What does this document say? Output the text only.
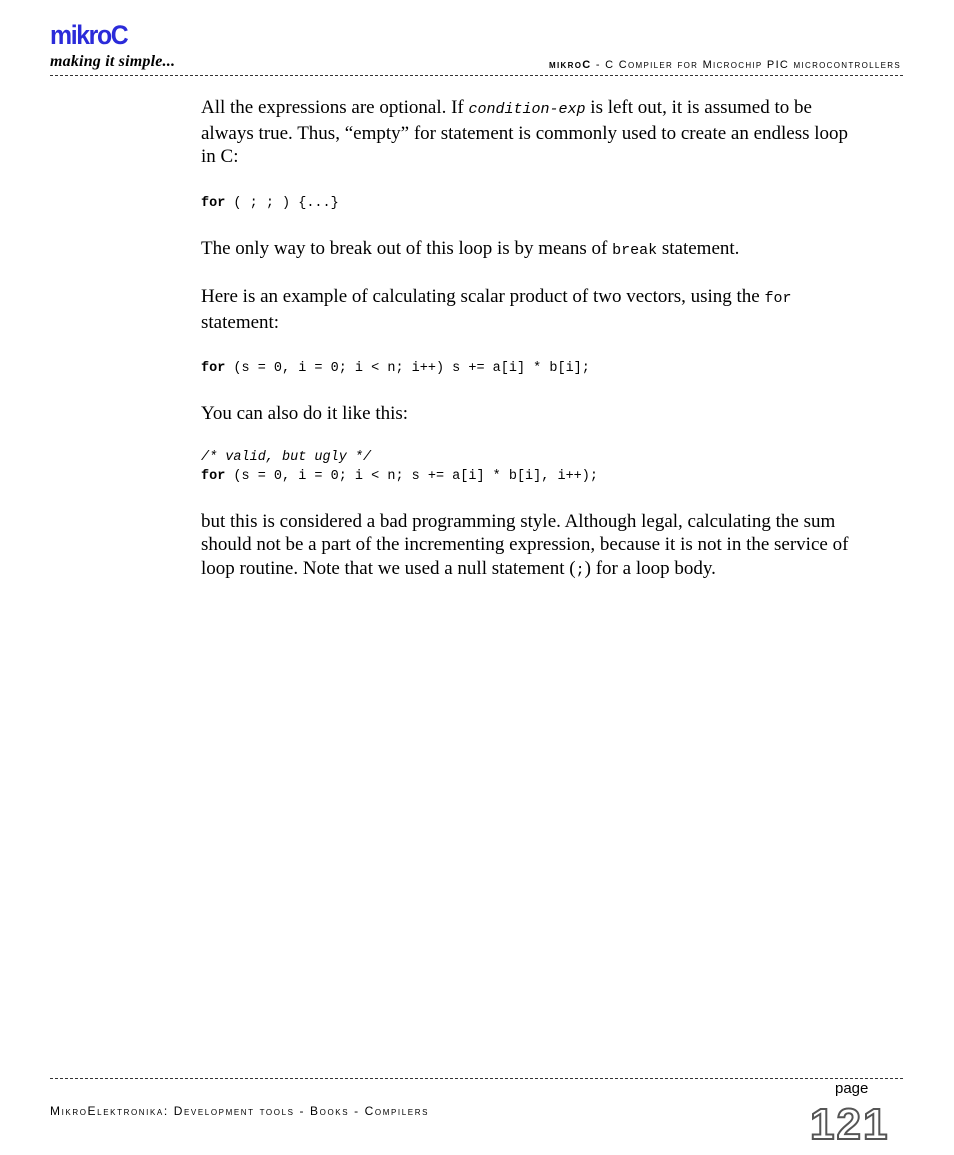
mikroC
making it simple...	mikroC - C Compiler for Microchip PIC microcontrollers

All the expressions are optional. If condition-exp is left out, it is assumed to be always true. Thus, “empty” for statement is commonly used to create an endless loop in C:

for ( ; ; ) {...}

The only way to break out of this loop is by means of break statement.

Here is an example of calculating scalar product of two vectors, using the for statement:

for (s = 0, i = 0; i < n; i++) s += a[i] * b[i];

You can also do it like this:

/* valid, but ugly */
for (s = 0, i = 0; i < n; s += a[i] * b[i], i++);

but this is considered a bad programming style. Although legal, calculating the sum should not be a part of the incrementing expression, because it is not in the service of loop routine. Note that we used a null statement (;) for a loop body.

page
MikroElektronika: Development tools - Books - Compilers	121
